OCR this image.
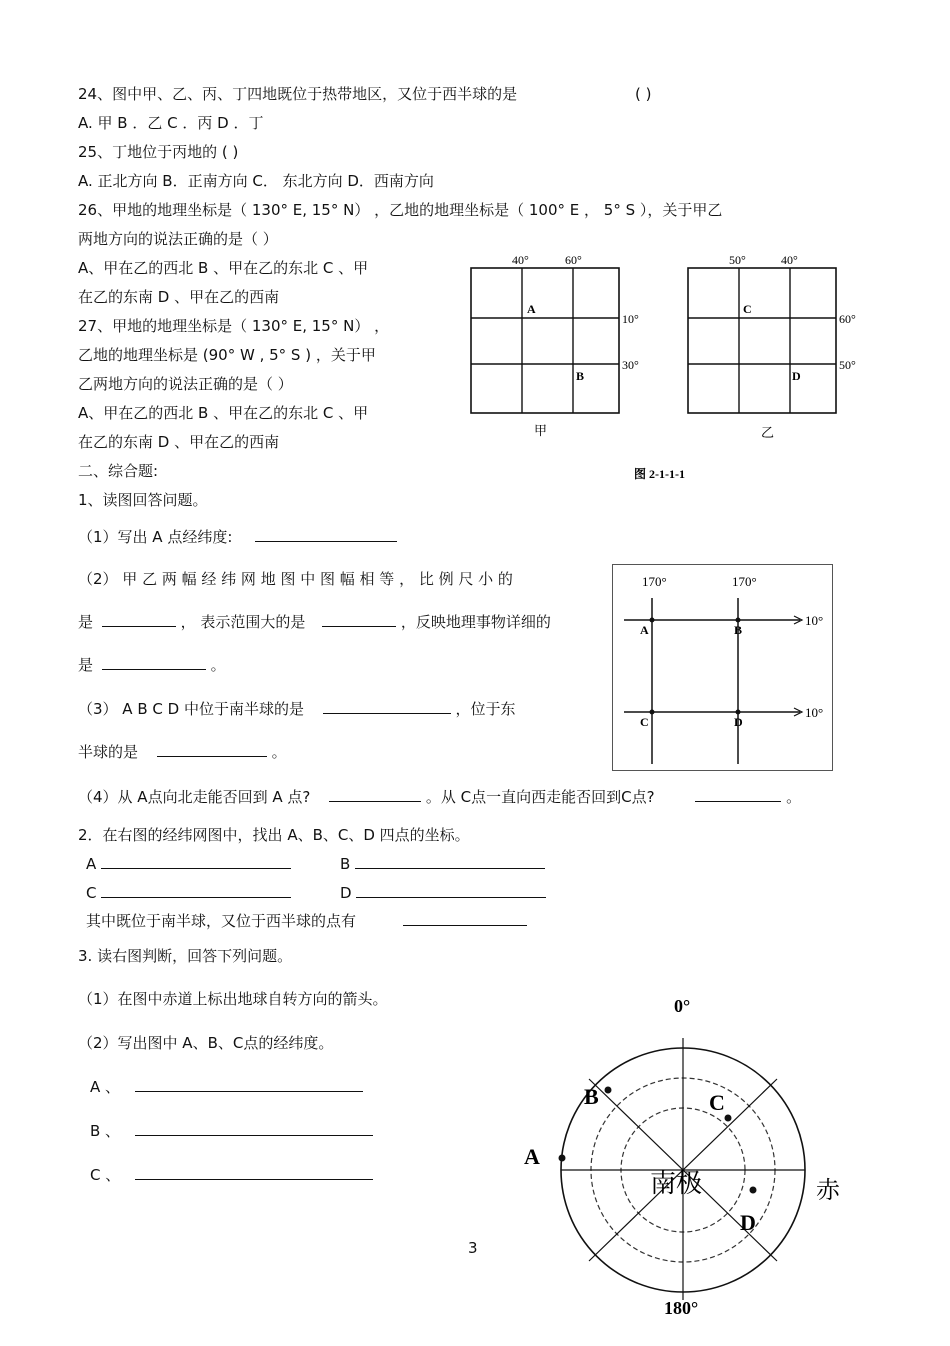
24、图中甲、乙、丙、丁四地既位于热带地区，又位于西半球的是	( )
A. 甲 B ．乙 C ．丙 D ．丁
25、丁地位于丙地的 ( )
A. 正北方向 B．正南方向 C． 东北方向 D．西南方向
26、甲地的地理坐标是（ 130° E, 15° N） ，乙地的地理坐标是（ 100° E ， 5° S ），关于甲乙
两地方向的说法正确的是（ ）
A、甲在乙的西北 B 、甲在乙的东北 C 、甲
在乙的东南 D 、甲在乙的西南
27、甲地的地理坐标是（ 130° E, 15° N） ，
乙地的地理坐标是 (90° W , 5° S ) ，关于甲
乙两地方向的说法正确的是（ ）
A、甲在乙的西北 B 、甲在乙的东北 C 、甲
在乙的东南 D 、甲在乙的西南
二、综合题:
40°	60°
10°
30°
A
B
甲
50°	40°
60°
50°
C
D
乙
图 2-1-1-1
1、读图回答问题。
（1）写出 A 点经纬度:
（2） 甲 乙 两 幅 经 纬 网 地 图 中 图 幅 相 等 ， 比 例 尺 小 的
是	， 表示范围大的是	，反映地理事物详细的
是	。
（3） A B C D 中位于南半球的是	，位于东
半球的是	。
170°	170°
10°
10°
A	B
C	D
（4）从 A点向北走能否回到 A 点?	。从 C点一直向西走能否回到C点?	。
2．在右图的经纬网图中，找出 A、B、C、D 四点的坐标。
A	B
C	D
其中既位于南半球，又位于西半球的点有
3. 读右图判断，回答下列问题。
（1）在图中赤道上标出地球自转方向的箭头。
（2）写出图中 A、B、C点的经纬度。
A 、
B 、
C 、
3
0°
A
B	C
D
南极	赤
180°
